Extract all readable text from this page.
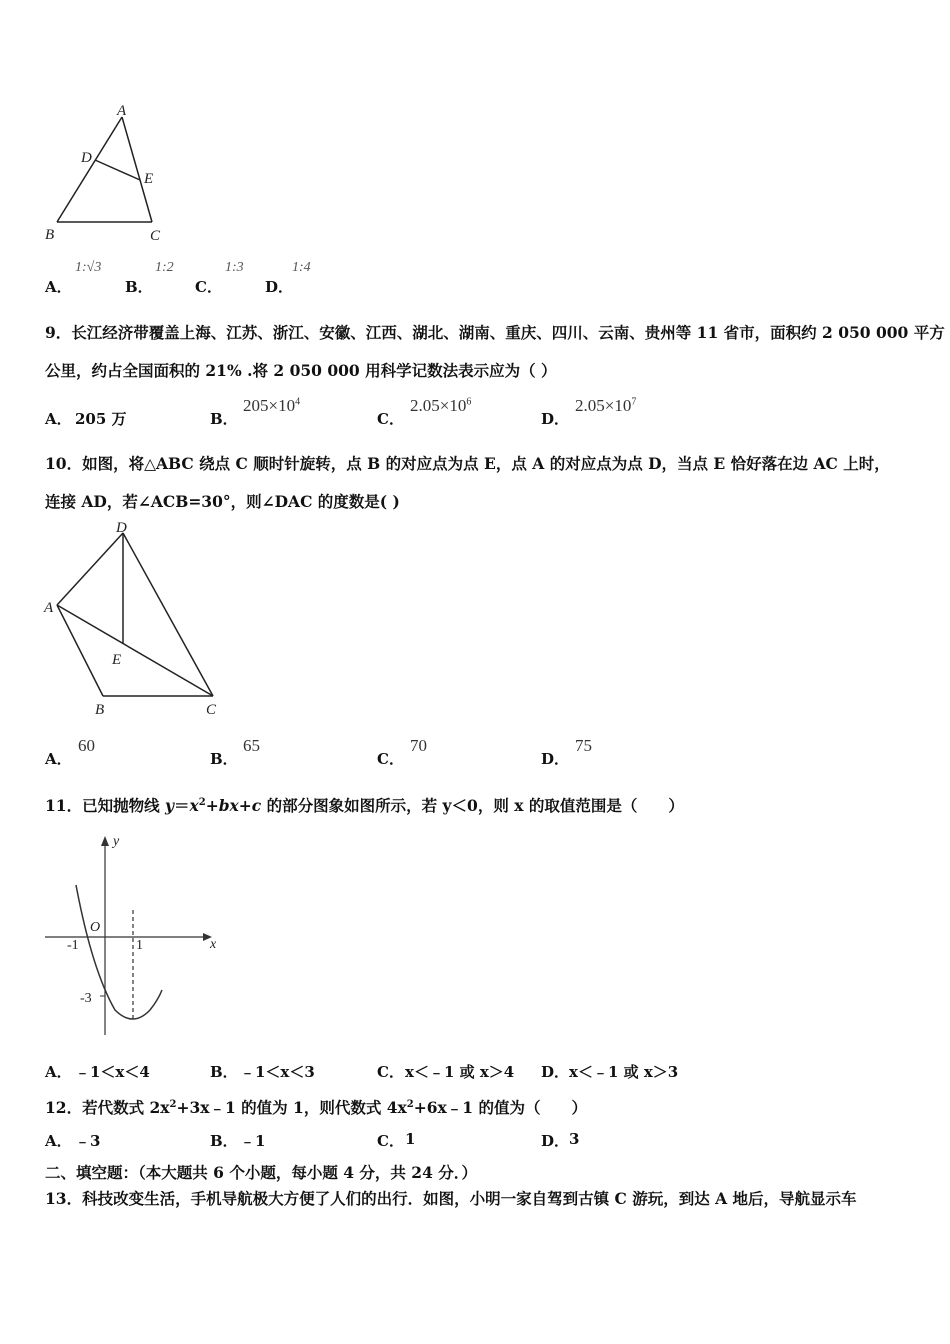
A
D
E
B	C
A．
1:√3
B．
1:2
C．
1:3
D．
1:4
9．长江经济带覆盖上海、江苏、浙江、安徽、江西、湖北、湖南、重庆、四川、云南、贵州等 11 省市，面积约 2 050 000 平方
公里，约占全国面积的 21% .将 2 050 000 用科学记数法表示应为（ ）
A． 205 万	B．
$205\times 10^4$
C．
$2.05\times 10^6$
D．
$2.05\times 10^7$
10．如图，将△ABC 绕点 C 顺时针旋转，点 B 的对应点为点 E，点 A 的对应点为点 D，当点 E 恰好落在边 AC 上时，
连接 AD，若∠ACB=30°，则∠DAC 的度数是( )
D
A
E
B	C
A．
60
B．
65
C．
70
D．
75
11．已知抛物线 $y=x^2+bx+c$ 的部分图象如图所示，若 y＜0，则 x 的取值范围是（　　）
y
x
O
-1	1
-3
A． ﹣1＜x＜4	B． ﹣1＜x＜3	C． x＜﹣1 或 x＞4 D． x＜﹣1 或 x＞3
12．若代数式 $2x^2+3x﹣1$ 的值为 1，则代数式 $4x^2+6x﹣1$ 的值为（　　）
A． ﹣3	B． ﹣1	C． 1	D． 3
二、填空题：（本大题共 6 个小题，每小题 4 分，共 24 分．）
13．科技改变生活，手机导航极大方便了人们的出行．如图，小明一家自驾到古镇 C 游玩，到达 A 地后，导航显示车
